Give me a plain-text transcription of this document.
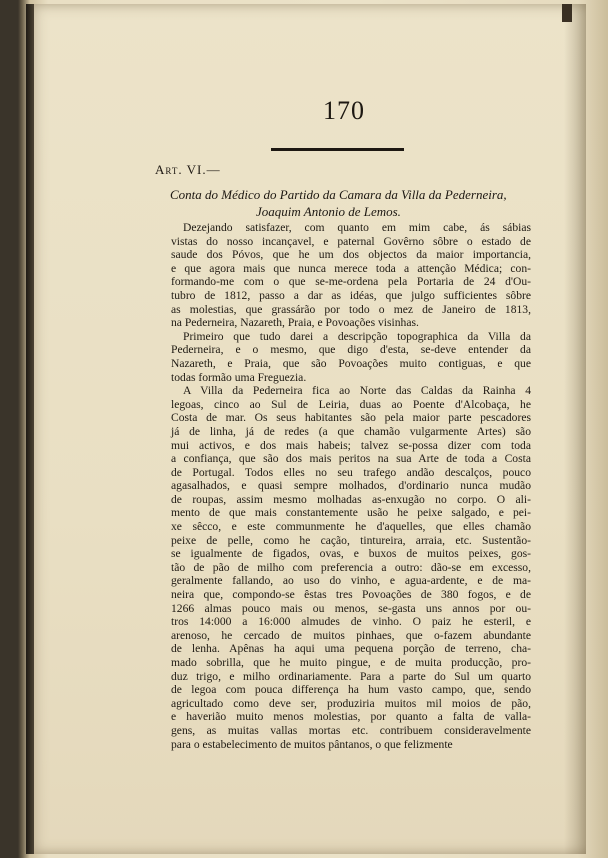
170
Art. VI.—
Conta do Médico do Partido da Camara da Villa da Pederneira,
Joaquim Antonio de Lemos.
Dezejando satisfazer, com quanto em mim cabe, ás sábias
vistas do nosso incançavel, e paternal Govêrno sôbre o estado de
saude dos Póvos, que he um dos objectos da maior importancia,
e que agora mais que nunca merece toda a attenção Médica; con-
formando-me com o que se-me-ordena pela Portaria de 24 d'Ou-
tubro de 1812, passo a dar as idéas, que julgo sufficientes sôbre
as molestias, que grassárão por todo o mez de Janeiro de 1813,
na Pederneira, Nazareth, Praia, e Povoações visinhas.
Primeiro que tudo darei a descripção topographica da Villa da
Pederneira, e o mesmo, que digo d'esta, se-deve entender da
Nazareth, e Praia, que são Povoações muito contiguas, e que
todas formão uma Freguezia.
A Villa da Pederneira fica ao Norte das Caldas da Rainha 4
legoas, cinco ao Sul de Leiria, duas ao Poente d'Alcobaça, he
Costa de mar. Os seus habitantes são pela maior parte pescadores
já de linha, já de redes (a que chamão vulgarmente Artes) são
mui activos, e dos mais habeis; talvez se-possa dizer com toda
a confiança, que são dos mais peritos na sua Arte de toda a Costa
de Portugal. Todos elles no seu trafego andão descalços, pouco
agasalhados, e quasi sempre molhados, d'ordinario nunca mudão
de roupas, assim mesmo molhadas as-enxugão no corpo. O ali-
mento de que mais constantemente usão he peixe salgado, e pei-
xe sêcco, e este communmente he d'aquelles, que elles chamão
peixe de pelle, como he cação, tintureira, arraia, etc. Sustentão-
se igualmente de figados, ovas, e buxos de muitos peixes, gos-
tão de pão de milho com preferencia a outro: dão-se em excesso,
geralmente fallando, ao uso do vinho, e agua-ardente, e de ma-
neira que, compondo-se êstas tres Povoações de 380 fogos, e de
1266 almas pouco mais ou menos, se-gasta uns annos por ou-
tros 14:000 a 16:000 almudes de vinho. O paiz he esteril, e
arenoso, he cercado de muitos pinhaes, que o-fazem abundante
de lenha. Apênas ha aqui uma pequena porção de terreno, cha-
mado sobrilla, que he muito pingue, e de muita producção, pro-
duz trigo, e milho ordinariamente. Para a parte do Sul um quarto
de legoa com pouca differença ha hum vasto campo, que, sendo
agricultado como deve ser, produziria muitos mil moios de pão,
e haverião muito menos molestias, por quanto a falta de valla-
gens, as muitas vallas mortas etc. contribuem consideravelmente
para o estabelecimento de muitos pântanos, o que felizmente
